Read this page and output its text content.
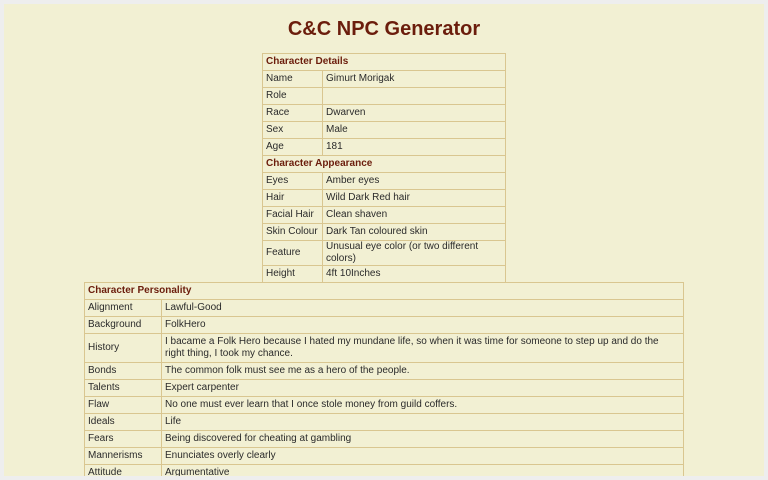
C&C NPC Generator
Character Details	
Name	Gimurt Morigak
Role	
Race	Dwarven
Sex	Male
Age	181
Character Appearance	
Eyes	Amber eyes
Hair	Wild Dark Red hair
Facial Hair	Clean shaven
Skin Colour	Dark Tan coloured skin
Feature	Unusual eye color (or two different colors)
Height	4ft 10Inches
Character Personality	
Alignment	Lawful-Good
Background	FolkHero
History	I bacame a Folk Hero because I hated my mundane life, so when it was time for someone to step up and do the right thing, I took my chance.
Bonds	The common folk must see me as a hero of the people.
Talents	Expert carpenter
Flaw	No one must ever learn that I once stole money from guild coffers.
Ideals	Life
Fears	Being discovered for cheating at gambling
Mannerisms	Enunciates overly clearly
Attitude	Argumentative
